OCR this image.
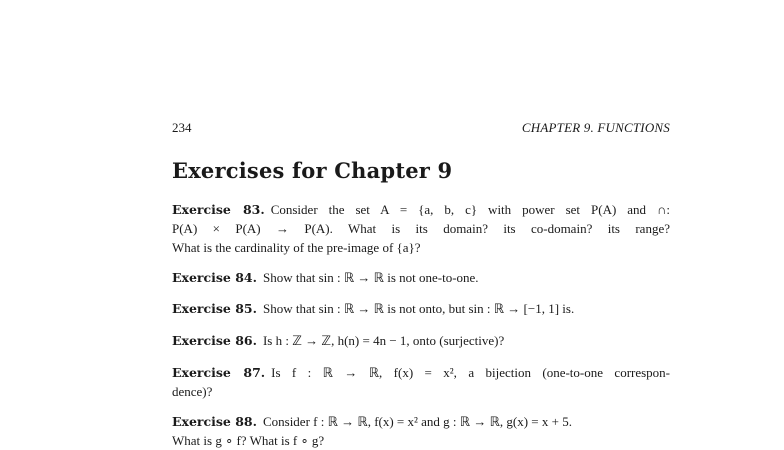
234	CHAPTER 9. FUNCTIONS
Exercises for Chapter 9
Exercise 83. Consider the set A = {a, b, c} with power set P(A) and ∩:
P(A) × P(A) → P(A). What is its domain? its co-domain? its range?
What is the cardinality of the pre-image of {a}?
Exercise 84. Show that sin : ℝ → ℝ is not one-to-one.
Exercise 85. Show that sin : ℝ → ℝ is not onto, but sin : ℝ → [−1, 1] is.
Exercise 86. Is h : ℤ → ℤ, h(n) = 4n − 1, onto (surjective)?
Exercise 87. Is f : ℝ → ℝ, f(x) = x², a bijection (one-to-one correspon-
dence)?
Exercise 88. Consider f : ℝ → ℝ, f(x) = x² and g : ℝ → ℝ, g(x) = x + 5.
What is g ∘ f? What is f ∘ g?
